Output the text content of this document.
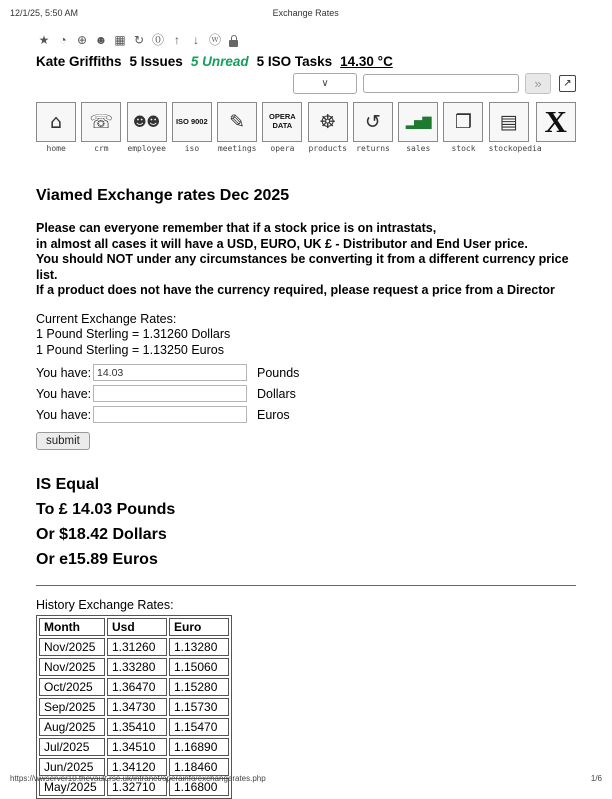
12/1/25, 5:50 AM	Exchange Rates
★ ◔ ⊕ ☻ ▦ ↻ ⓪ ↑	↓ ⓦ
Kate Griffiths 5 Issues 5 Unread 5 ISO Tasks 14.30 °C
∨	»	↗
⌂
home
☏
crm
☻☻
employee
ISO 9002
iso
✎
meetings
OPERA DATA
opera
☸
products
↺
returns
▂▅▇
sales
❒
stock
▤
stockopedia
X
Viamed Exchange rates Dec 2025

Please can everyone remember that if a stock price is on intrastats,
in almost all cases it will have a USD, EURO, UK £ - Distributor and End User price.
You should NOT under any circumstances be converting it from a different currency price list.
If a product does not have the currency required, please request a price from a Director

Current Exchange Rates:
1 Pound Sterling = 1.31260 Dollars
1 Pound Sterling = 1.13250 Euros
You have:
14.03	Pounds
You have:	Dollars
You have:	Euros
submit
IS Equal
To £ 14.03 Pounds
Or $18.42 Dollars
Or e15.89 Euros
History Exchange Rates:
Month	Usd	Euro
Nov/2025	1.31260	1.13280
Nov/2025	1.33280	1.15060
Oct/2025	1.36470	1.15280
Sep/2025	1.34730	1.15730
Aug/2025	1.35410	1.15470
Jul/2025	1.34510	1.16890
Jun/2025	1.34120	1.18460
May/2025	1.32710	1.16800
https://wwserver10.thevault.rse.uk/intranet/operainfo/exchangerates.php	1/6
